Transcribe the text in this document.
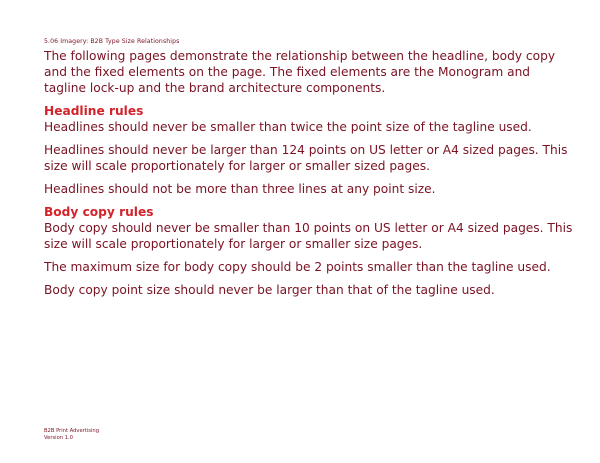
5.06 Imagery: B2B Type Size Relationships

The following pages demonstrate the relationship between the headline, body copy and the fixed elements on the page. The fixed elements are the Monogram and tagline lock-up and the brand architecture components.

Headline rules

Headlines should never be smaller than twice the point size of the tagline used.

Headlines should never be larger than 124 points on US letter or A4 sized pages. This size will scale proportionately for larger or smaller sized pages.

Headlines should not be more than three lines at any point size.

Body copy rules

Body copy should never be smaller than 10 points on US letter or A4 sized pages. This size will scale proportionately for larger or smaller size pages.

The maximum size for body copy should be 2 points smaller than the tagline used.

Body copy point size should never be larger than that of the tagline used.

B2B Print Advertising
Version 1.0
